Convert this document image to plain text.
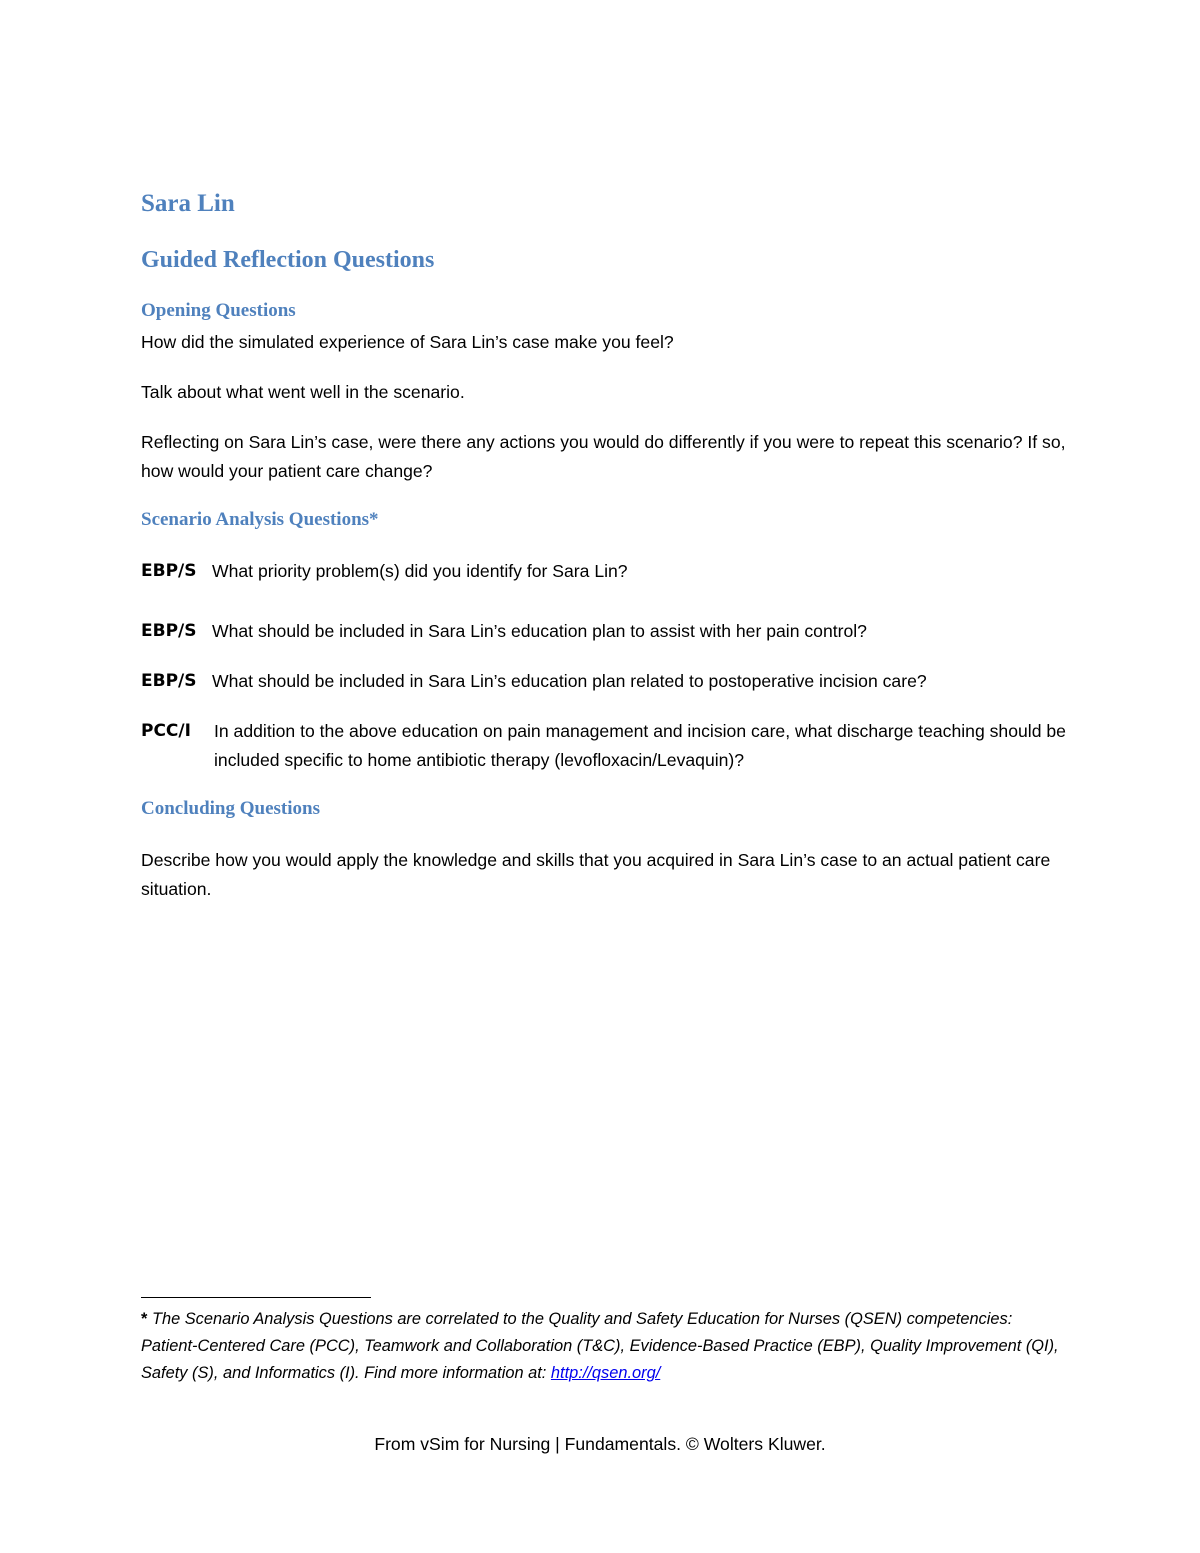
Sara Lin
Guided Reflection Questions
Opening Questions

How did the simulated experience of Sara Lin’s case make you feel?

Talk about what went well in the scenario.

Reflecting on Sara Lin’s case, were there any actions you would do differently if you were to repeat this scenario? If so, how would your patient care change?

Scenario Analysis Questions*
EBP/S What priority problem(s) did you identify for Sara Lin?
EBP/S What should be included in Sara Lin’s education plan to assist with her pain control?
EBP/S What should be included in Sara Lin’s education plan related to postoperative incision care?
PCC/I In addition to the above education on pain management and incision care, what discharge teaching should be included specific to home antibiotic therapy (levofloxacin/Levaquin)?
Concluding Questions

Describe how you would apply the knowledge and skills that you acquired in Sara Lin’s case to an actual patient care situation.

* The Scenario Analysis Questions are correlated to the Quality and Safety Education for Nurses (QSEN) competencies: Patient-Centered Care (PCC), Teamwork and Collaboration (T&C), Evidence-Based Practice (EBP), Quality Improvement (QI), Safety (S), and Informatics (I). Find more information at: http://qsen.org/

From vSim for Nursing | Fundamentals. © Wolters Kluwer.
